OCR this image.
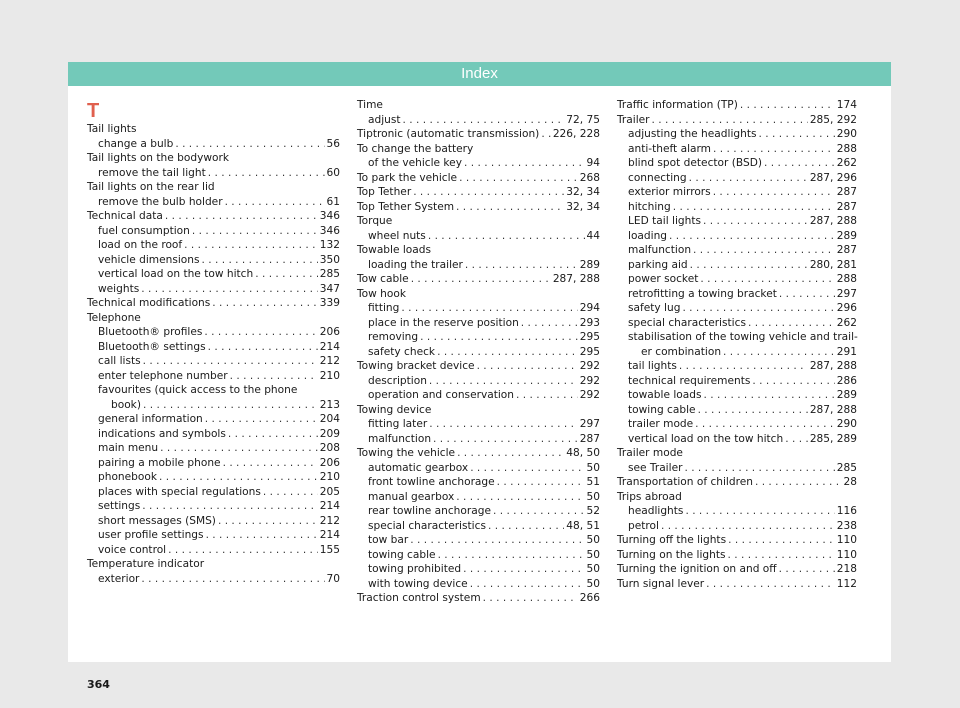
Index
T
Tail lights
change a bulb . . .	56
Tail lights on the bodywork
remove the tail light . . .	60
Tail lights on the rear lid
remove the bulb holder . . .	61
Technical data . . .	346
fuel consumption . . .	346
load on the roof . . .	132
vehicle dimensions . . .	350
vertical load on the tow hitch . . .	285
weights . . .	347
Technical modifications . . .	339
Telephone
Bluetooth® profiles . . .	206
Bluetooth® settings . . .	214
call lists . . .	212
enter telephone number . . .	210
favourites (quick access to the phone
book) . . .	213
general information . . .	204
indications and symbols . . .	209
main menu . . .	208
pairing a mobile phone . . .	206
phonebook . . .	210
places with special regulations . . .	205
settings . . .	214
short messages (SMS) . . .	212
user profile settings . . .	214
voice control . . .	155
Temperature indicator
exterior . . .	70
Time
adjust . . .	72, 75
Tiptronic (automatic transmission) . . . 226, 228
To change the battery
of the vehicle key . . .	94
To park the vehicle . . .	268
Top Tether . . .	32, 34
Top Tether System . . .	32, 34
Torque
wheel nuts . . .	44
Towable loads
loading the trailer . . .	289
Tow cable . . .	287, 288
Tow hook
fitting . . .	294
place in the reserve position . . .	293
removing . . .	295
safety check . . .	295
Towing bracket device . . .	292
description . . .	292
operation and conservation . . .	292
Towing device
fitting later . . .	297
malfunction . . .	287
Towing the vehicle . . .	48, 50
automatic gearbox . . .	50
front towline anchorage . . .	51
manual gearbox . . .	50
rear towline anchorage . . .	52
special characteristics . . .	48, 51
tow bar . . .	50
towing cable . . .	50
towing prohibited . . .	50
with towing device . . .	50
Traction control system . . .	266
Traffic information (TP) . . .	174
Trailer . . .	285, 292
adjusting the headlights . . .	290
anti-theft alarm . . .	288
blind spot detector (BSD) . . .	262
connecting . . .	287, 296
exterior mirrors . . .	287
hitching . . .	287
LED tail lights . . .	287, 288
loading . . .	289
malfunction . . .	287
parking aid . . .	280, 281
power socket . . .	288
retrofitting a towing bracket . . .	297
safety lug . . .	296
special characteristics . . .	262
stabilisation of the towing vehicle and trail-
er combination . . .	291
tail lights . . .	287, 288
technical requirements . . .	286
towable loads . . .	289
towing cable . . .	287, 288
trailer mode . . .	290
vertical load on the tow hitch . . .	285, 289
Trailer mode
see Trailer . . .	285
Transportation of children . . .	28
Trips abroad
headlights . . .	116
petrol . . .	238
Turning off the lights . . .	110
Turning on the lights . . .	110
Turning the ignition on and off . . .	218
Turn signal lever . . .	112
364
